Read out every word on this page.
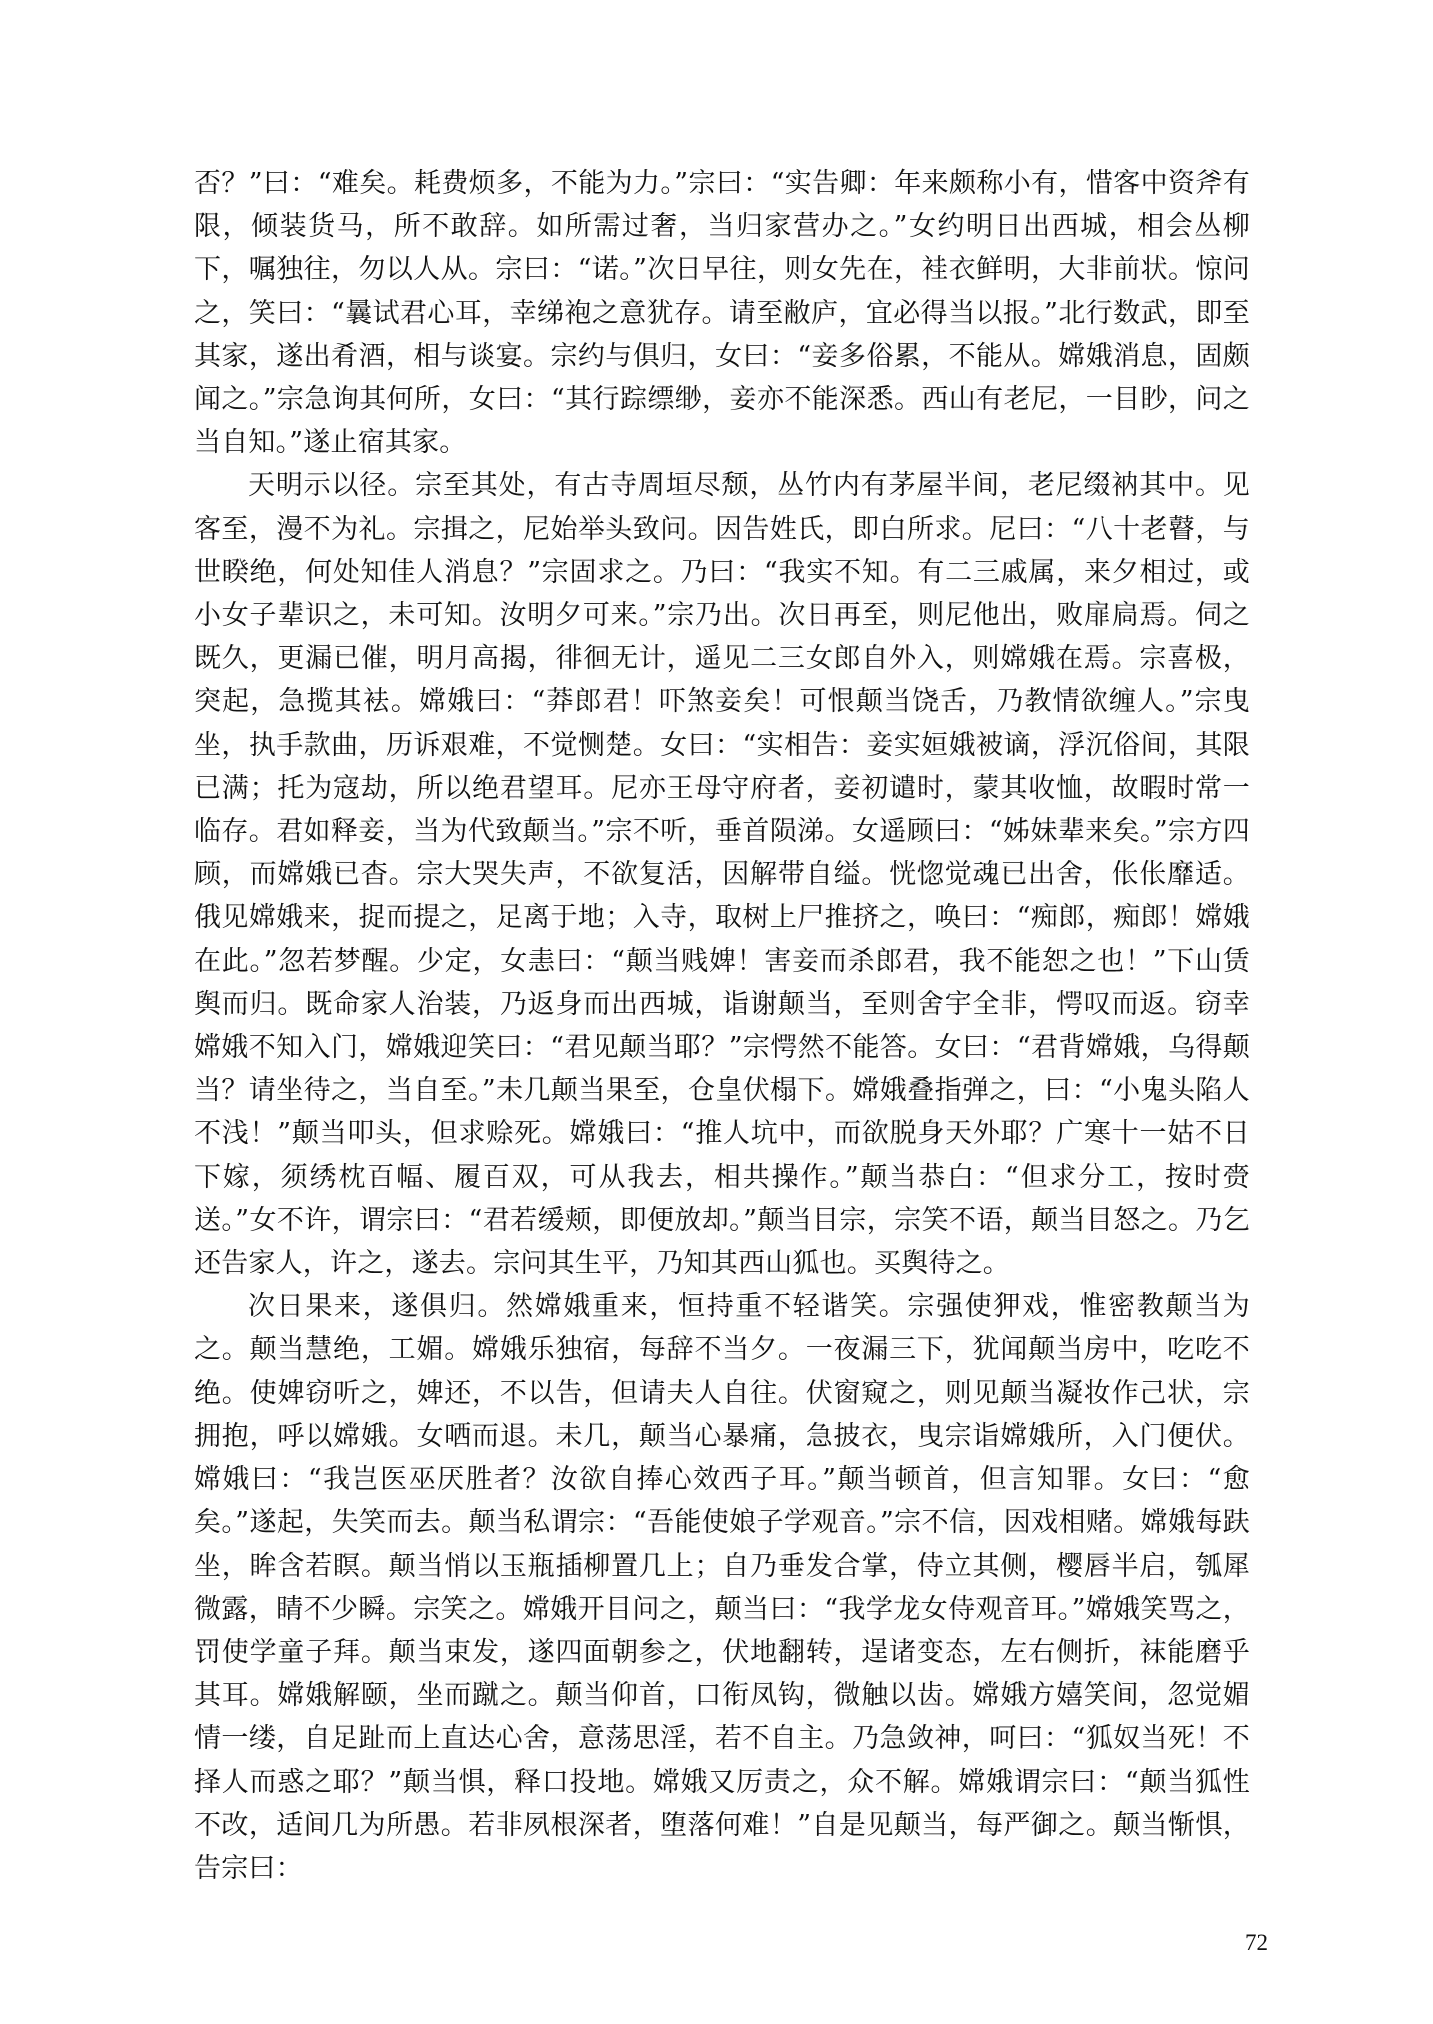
否？”曰：“难矣。耗费烦多，不能为力。”宗曰：“实告卿：年来颇称小有，惜客中资斧有限，倾装货马，所不敢辞。如所需过奢，当归家营办之。”女约明日出西城，相会丛柳下，嘱独往，勿以人从。宗曰：“诺。”次日早往，则女先在，袿衣鲜明，大非前状。惊问之，笑曰：“曩试君心耳，幸绨袍之意犹存。请至敝庐，宜必得当以报。”北行数武，即至其家，遂出肴酒，相与谈宴。宗约与俱归，女曰：“妾多俗累，不能从。嫦娥消息，固颇闻之。”宗急询其何所，女曰：“其行踪缥缈，妾亦不能深悉。西山有老尼，一目眇，问之当自知。”遂止宿其家。

天明示以径。宗至其处，有古寺周垣尽颓，丛竹内有茅屋半间，老尼缀衲其中。见客至，漫不为礼。宗揖之，尼始举头致问。因告姓氏，即白所求。尼曰：“八十老瞽，与世睽绝，何处知佳人消息？”宗固求之。乃曰：“我实不知。有二三戚属，来夕相过，或小女子辈识之，未可知。汝明夕可来。”宗乃出。次日再至，则尼他出，败扉扃焉。伺之既久，更漏已催，明月高揭，徘徊无计，遥见二三女郎自外入，则嫦娥在焉。宗喜极，突起，急揽其袪。嫦娥曰：“莽郎君！吓煞妾矣！可恨颠当饶舌，乃教情欲缠人。”宗曳坐，执手款曲，历诉艰难，不觉恻楚。女曰：“实相告：妾实姮娥被谪，浮沉俗间，其限已满；托为寇劫，所以绝君望耳。尼亦王母守府者，妾初谴时，蒙其收恤，故暇时常一临存。君如释妾，当为代致颠当。”宗不听，垂首陨涕。女遥顾曰：“姊妹辈来矣。”宗方四顾，而嫦娥已杳。宗大哭失声，不欲复活，因解带自缢。恍惚觉魂已出舍，伥伥靡适。俄见嫦娥来，捉而提之，足离于地；入寺，取树上尸推挤之，唤曰：“痴郎，痴郎！嫦娥在此。”忽若梦醒。少定，女恚曰：“颠当贱婢！害妾而杀郎君，我不能恕之也！”下山赁舆而归。既命家人治装，乃返身而出西城，诣谢颠当，至则舍宇全非，愕叹而返。窃幸嫦娥不知入门，嫦娥迎笑曰：“君见颠当耶？”宗愕然不能答。女曰：“君背嫦娥，乌得颠当？请坐待之，当自至。”未几颠当果至，仓皇伏榻下。嫦娥叠指弹之，曰：“小鬼头陷人不浅！”颠当叩头，但求赊死。嫦娥曰：“推人坑中，而欲脱身天外耶？广寒十一姑不日下嫁，须绣枕百幅、履百双，可从我去，相共操作。”颠当恭白：“但求分工，按时赍送。”女不许，谓宗曰：“君若缓颊，即便放却。”颠当目宗，宗笑不语，颠当目怒之。乃乞还告家人，许之，遂去。宗问其生平，乃知其西山狐也。买舆待之。

次日果来，遂俱归。然嫦娥重来，恒持重不轻谐笑。宗强使狎戏，惟密教颠当为之。颠当慧绝，工媚。嫦娥乐独宿，每辞不当夕。一夜漏三下，犹闻颠当房中，吃吃不绝。使婢窃听之，婢还，不以告，但请夫人自往。伏窗窥之，则见颠当凝妆作己状，宗拥抱，呼以嫦娥。女哂而退。未几，颠当心暴痛，急披衣，曳宗诣嫦娥所，入门便伏。嫦娥曰：“我岂医巫厌胜者？汝欲自捧心效西子耳。”颠当顿首，但言知罪。女曰：“愈矣。”遂起，失笑而去。颠当私谓宗：“吾能使娘子学观音。”宗不信，因戏相赌。嫦娥每趺坐，眸含若瞑。颠当悄以玉瓶插柳置几上；自乃垂发合掌，侍立其侧，樱唇半启，瓠犀微露，睛不少瞬。宗笑之。嫦娥开目问之，颠当曰：“我学龙女侍观音耳。”嫦娥笑骂之，罚使学童子拜。颠当束发，遂四面朝参之，伏地翻转，逞诸变态，左右侧折，袜能磨乎其耳。嫦娥解颐，坐而蹴之。颠当仰首，口衔凤钩，微触以齿。嫦娥方嬉笑间，忽觉媚情一缕，自足趾而上直达心舍，意荡思淫，若不自主。乃急敛神，呵曰：“狐奴当死！不择人而惑之耶？”颠当惧，释口投地。嫦娥又厉责之，众不解。嫦娥谓宗曰：“颠当狐性不改，适间几为所愚。若非夙根深者，堕落何难！”自是见颠当，每严御之。颠当惭惧，告宗曰：

72
